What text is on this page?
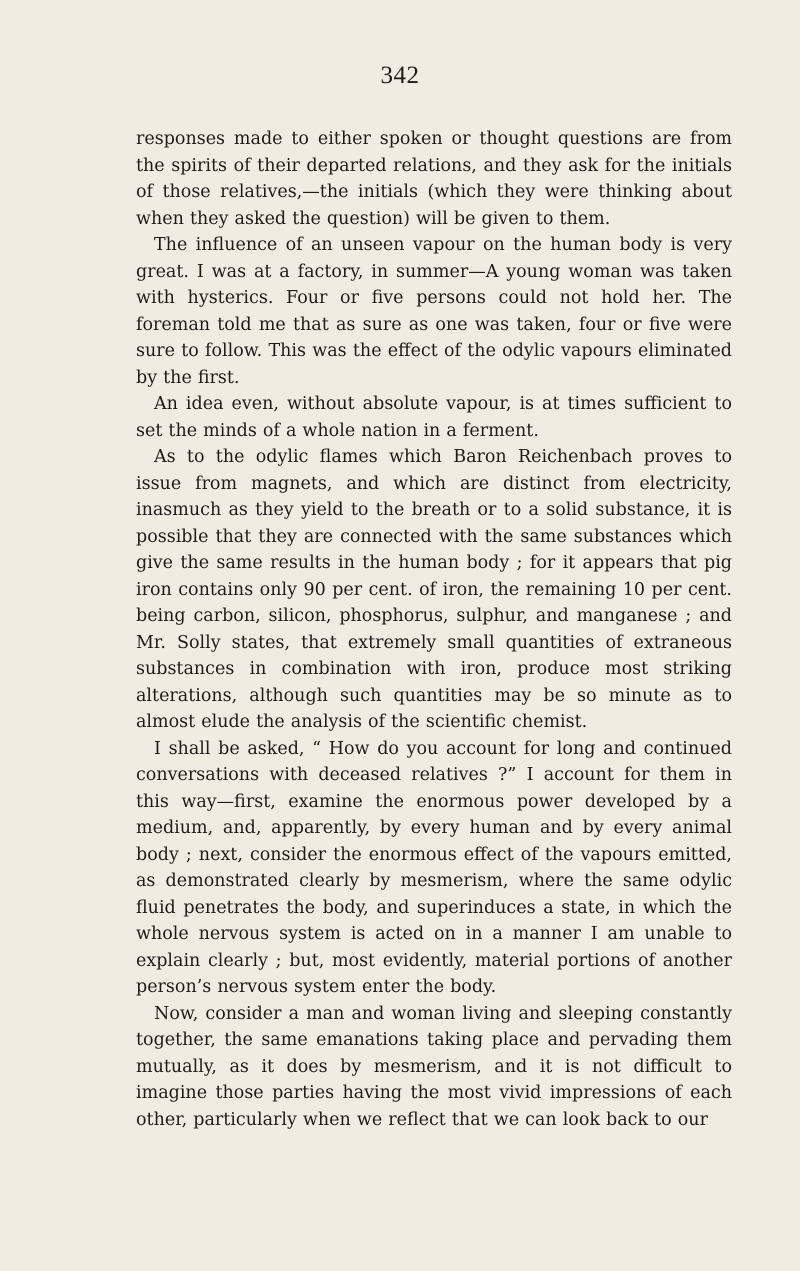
342

responses made to either spoken or thought questions are from the spirits of their departed relations, and they ask for the initials of those relatives,—the initials (which they were thinking about when they asked the question) will be given to them.

The influence of an unseen vapour on the human body is very great. I was at a factory, in summer—A young woman was taken with hysterics. Four or five persons could not hold her. The foreman told me that as sure as one was taken, four or five were sure to follow. This was the effect of the odylic vapours eliminated by the first.

An idea even, without absolute vapour, is at times sufficient to set the minds of a whole nation in a ferment.

As to the odylic flames which Baron Reichenbach proves to issue from magnets, and which are distinct from electricity, inasmuch as they yield to the breath or to a solid substance, it is possible that they are connected with the same substances which give the same results in the human body ; for it appears that pig iron contains only 90 per cent. of iron, the remaining 10 per cent. being carbon, silicon, phosphorus, sulphur, and manganese ; and Mr. Solly states, that extremely small quantities of extraneous substances in combination with iron, produce most striking alterations, although such quantities may be so minute as to almost elude the analysis of the scientific chemist.

I shall be asked, “ How do you account for long and continued conversations with deceased relatives ?” I account for them in this way—first, examine the enormous power developed by a medium, and, apparently, by every human and by every animal body ; next, consider the enormous effect of the vapours emitted, as demonstrated clearly by mesmerism, where the same odylic fluid penetrates the body, and superinduces a state, in which the whole nervous system is acted on in a manner I am unable to explain clearly ; but, most evidently, material portions of another person’s nervous system enter the body.

Now, consider a man and woman living and sleeping constantly together, the same emanations taking place and pervading them mutually, as it does by mesmerism, and it is not difficult to imagine those parties having the most vivid impressions of each other, particularly when we reflect that we can look back to our
